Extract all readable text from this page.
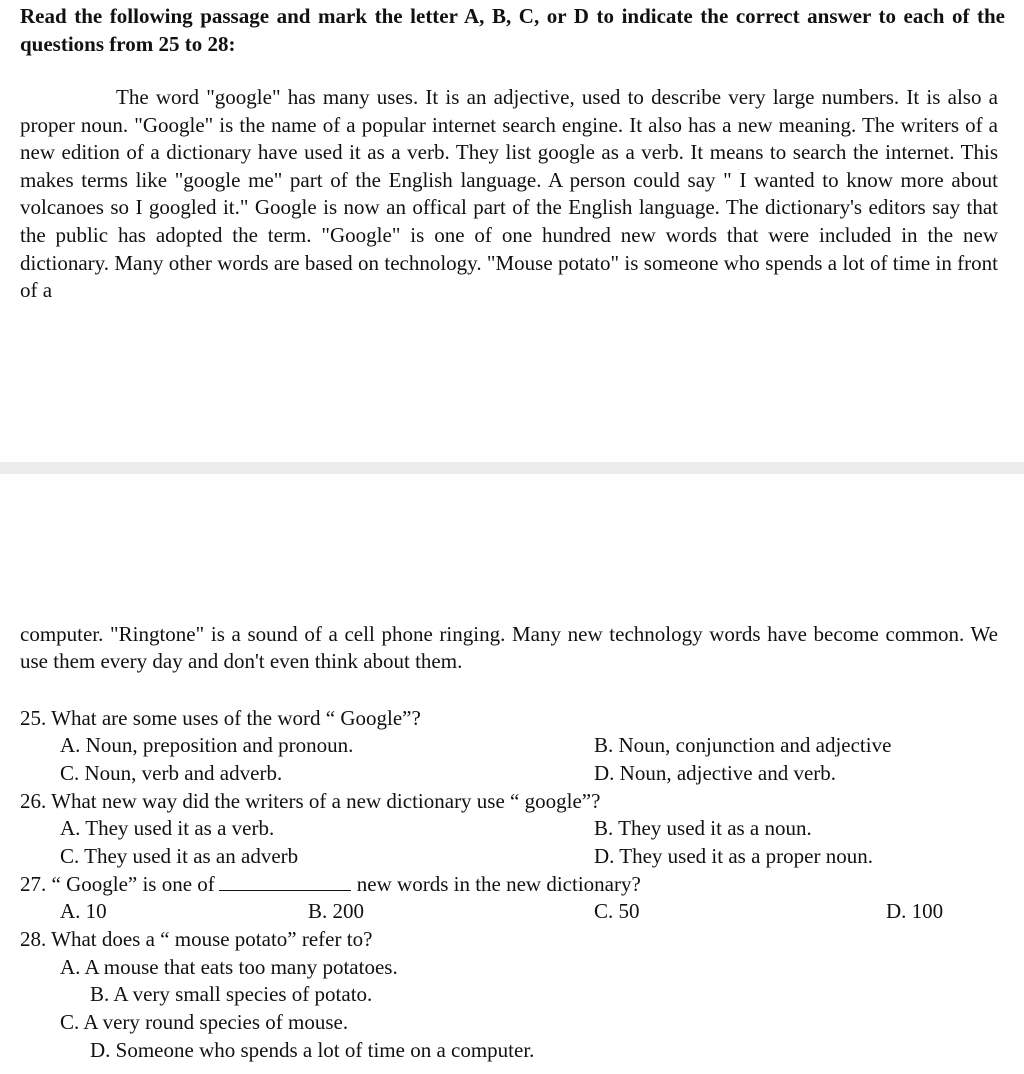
Read the following passage and mark the letter A, B, C, or D to indicate the correct answer to each of the questions from 25 to 28:

The word "google" has many uses. It is an adjective, used to describe very large numbers. It is also a proper noun. "Google" is the name of a popular internet search engine. It also has a new meaning. The writers of a new edition of a dictionary have used it as a verb. They list google as a verb. It means to search the internet. This makes terms like "google me" part of the English language. A person could say " I wanted to know more about volcanoes so I googled it." Google is now an offical part of the English language. The dictionary's editors say that the public has adopted the term. "Google" is one of one hundred new words that were included in the new dictionary. Many other words are based on technology. "Mouse potato" is someone who spends a lot of time in front of a

computer. "Ringtone" is a sound of a cell phone ringing. Many new technology words have become common. We use them every day and don't even think about them.

25. What are some uses of the word “ Google”?
A. Noun, preposition and pronoun.	B. Noun, conjunction and adjective
C. Noun, verb and adverb.	D. Noun, adjective and verb.
26. What new way did the writers of a new dictionary use “ google”?
A. They used it as a verb.	B. They used it as a noun.
C. They used it as an adverb	D. They used it as a proper noun.
27. “ Google” is one of	new words in the new dictionary?
A. 10	B. 200	C. 50	D. 100
28. What does a “ mouse potato” refer to?
A. A mouse that eats too many potatoes.
B. A very small species of potato.
C. A very round species of mouse.
D. Someone who spends a lot of time on a computer.
